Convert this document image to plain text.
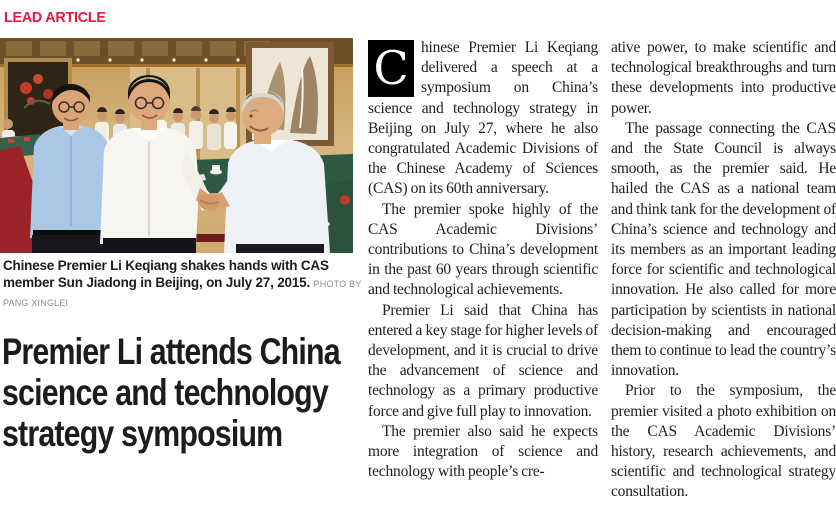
LEAD ARTICLE
Chinese Premier Li Keqiang shakes hands with CAS member Sun Jiadong in Beijing, on July 27, 2015. PHOTO BY PANG XINGLEI
Premier Li attends China
science and technology
strategy symposium

C hinese Premier Li Keqiang delivered a speech at a symposium on China’s science and technology strategy in Beijing on July 27, where he also congratulated Academic Divisions of the Chinese Academy of Sciences (CAS) on its 60th anniversary.

The premier spoke highly of the CAS Academic Divisions’ contributions to China’s development in the past 60 years through scientific and technological achievements.

Premier Li said that China has entered a key stage for higher levels of development, and it is crucial to drive the advancement of science and technology as a primary productive force and give full play to innovation.

The premier also said he expects more integration of science and technology with people’s cre-

ative power, to make scientific and technological breakthroughs and turn these developments into productive power.

The passage connecting the CAS and the State Council is always smooth, as the premier said. He hailed the CAS as a national team and think tank for the development of China’s science and technology and its members as an important leading force for scientific and technological innovation. He also called for more participation by scientists in national decision-making and encouraged them to continue to lead the country’s innovation.

Prior to the symposium, the premier visited a photo exhibition on the CAS Academic Divisions’ history, research achievements, and scientific and technological strategy consultation.
